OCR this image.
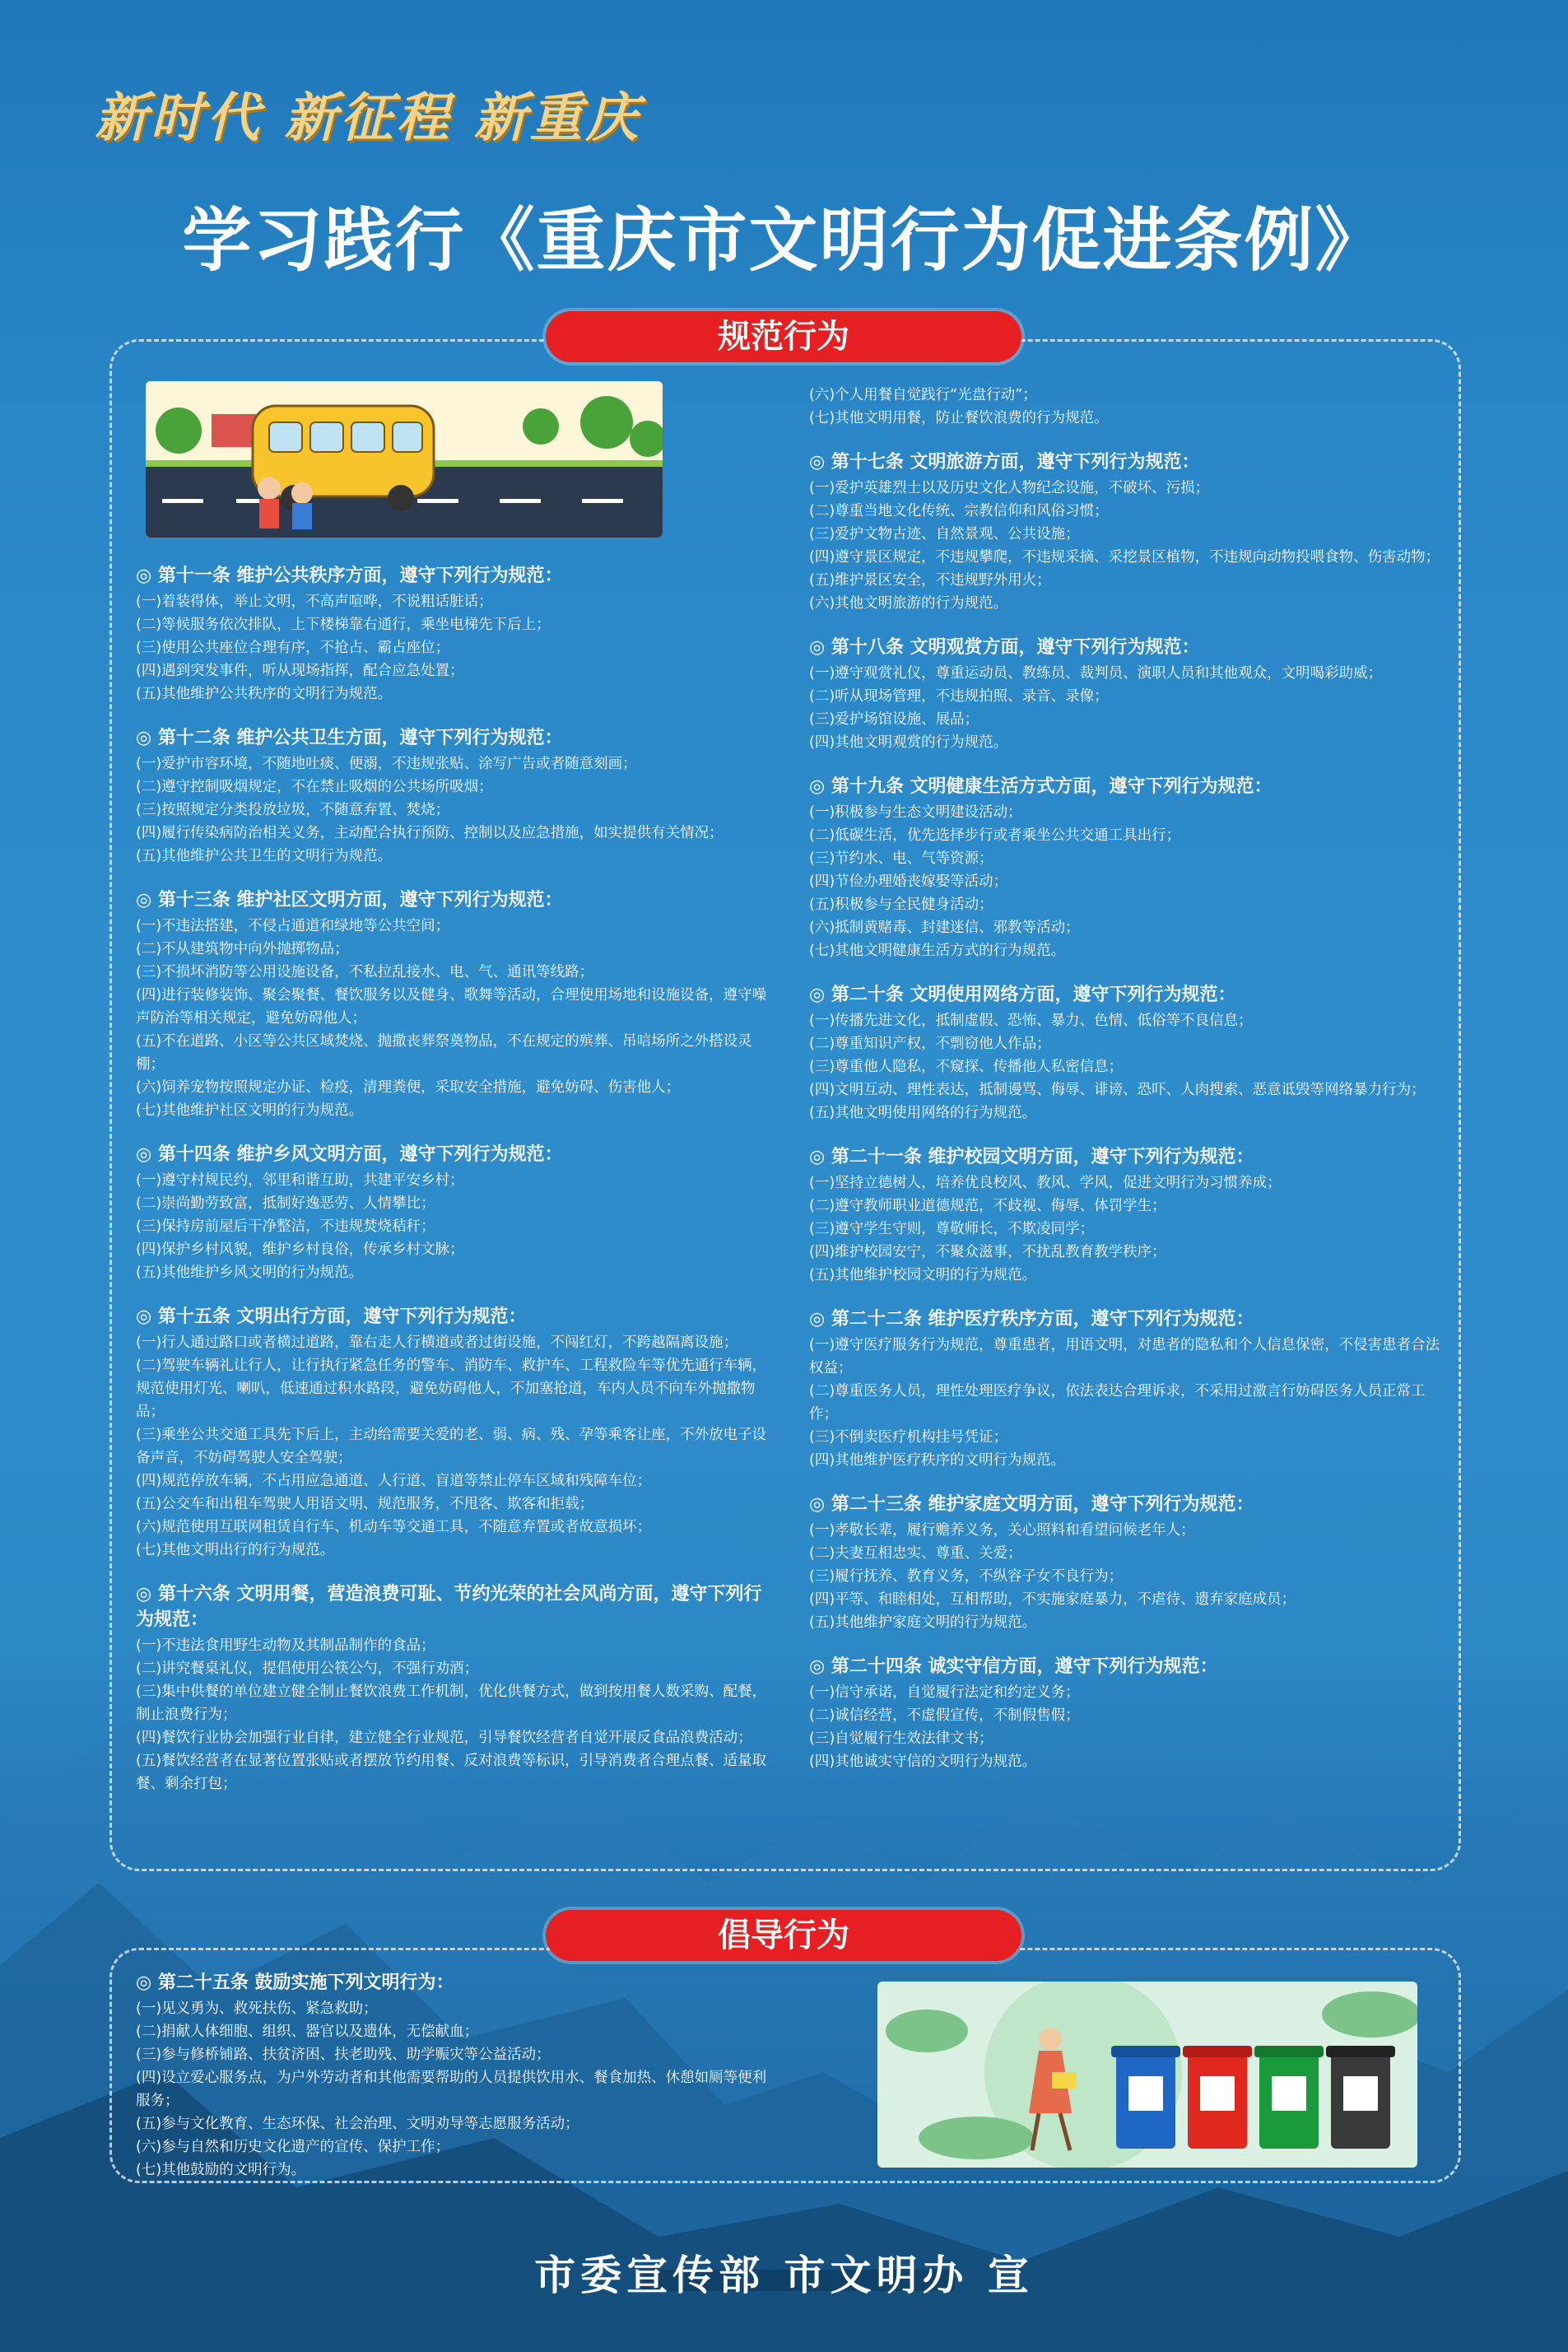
新时代 新征程 新重庆
学习践行《重庆市文明行为促进条例》
规范行为
◎ 第十一条 维护公共秩序方面，遵守下列行为规范：
(一)着装得体，举止文明，不高声喧哗，不说粗话脏话；
(二)等候服务依次排队，上下楼梯靠右通行，乘坐电梯先下后上；
(三)使用公共座位合理有序，不抢占、霸占座位；
(四)遇到突发事件，听从现场指挥，配合应急处置；
(五)其他维护公共秩序的文明行为规范。
◎ 第十二条 维护公共卫生方面，遵守下列行为规范：
(一)爱护市容环境，不随地吐痰、便溺，不违规张贴、涂写广告或者随意刻画；
(二)遵守控制吸烟规定，不在禁止吸烟的公共场所吸烟；
(三)按照规定分类投放垃圾，不随意弃置、焚烧；
(四)履行传染病防治相关义务，主动配合执行预防、控制以及应急措施，如实提供有关情况；
(五)其他维护公共卫生的文明行为规范。
◎ 第十三条 维护社区文明方面，遵守下列行为规范：
(一)不违法搭建，不侵占通道和绿地等公共空间；
(二)不从建筑物中向外抛掷物品；
(三)不损坏消防等公用设施设备，不私拉乱接水、电、气、通讯等线路；
(四)进行装修装饰、聚会聚餐、餐饮服务以及健身、歌舞等活动，合理使用场地和设施设备，遵守噪声防治等相关规定，避免妨碍他人；
(五)不在道路、小区等公共区域焚烧、抛撒丧葬祭奠物品，不在规定的殡葬、吊唁场所之外搭设灵棚；
(六)饲养宠物按照规定办证、检疫，清理粪便，采取安全措施，避免妨碍、伤害他人；
(七)其他维护社区文明的行为规范。
◎ 第十四条 维护乡风文明方面，遵守下列行为规范：
(一)遵守村规民约，邻里和谐互助，共建平安乡村；
(二)崇尚勤劳致富，抵制好逸恶劳、人情攀比；
(三)保持房前屋后干净整洁，不违规焚烧秸秆；
(四)保护乡村风貌，维护乡村良俗，传承乡村文脉；
(五)其他维护乡风文明的行为规范。
◎ 第十五条 文明出行方面，遵守下列行为规范：
(一)行人通过路口或者横过道路，靠右走人行横道或者过街设施，不闯红灯，不跨越隔离设施；
(二)驾驶车辆礼让行人，让行执行紧急任务的警车、消防车、救护车、工程救险车等优先通行车辆，规范使用灯光、喇叭，低速通过积水路段，避免妨碍他人，不加塞抢道，车内人员不向车外抛撒物品；
(三)乘坐公共交通工具先下后上，主动给需要关爱的老、弱、病、残、孕等乘客让座，不外放电子设备声音，不妨碍驾驶人安全驾驶；
(四)规范停放车辆，不占用应急通道、人行道、盲道等禁止停车区域和残障车位；
(五)公交车和出租车驾驶人用语文明、规范服务，不甩客、欺客和拒载；
(六)规范使用互联网租赁自行车、机动车等交通工具，不随意弃置或者故意损坏；
(七)其他文明出行的行为规范。
◎ 第十六条 文明用餐，营造浪费可耻、节约光荣的社会风尚方面，遵守下列行为规范：
(一)不违法食用野生动物及其制品制作的食品；
(二)讲究餐桌礼仪，提倡使用公筷公勺，不强行劝酒；
(三)集中供餐的单位建立健全制止餐饮浪费工作机制，优化供餐方式，做到按用餐人数采购、配餐，制止浪费行为；
(四)餐饮行业协会加强行业自律，建立健全行业规范，引导餐饮经营者自觉开展反食品浪费活动；
(五)餐饮经营者在显著位置张贴或者摆放节约用餐、反对浪费等标识，引导消费者合理点餐、适量取餐、剩余打包；
(六)个人用餐自觉践行“光盘行动”；
(七)其他文明用餐，防止餐饮浪费的行为规范。
◎ 第十七条 文明旅游方面，遵守下列行为规范：
(一)爱护英雄烈士以及历史文化人物纪念设施，不破坏、污损；
(二)尊重当地文化传统、宗教信仰和风俗习惯；
(三)爱护文物古迹、自然景观、公共设施；
(四)遵守景区规定，不违规攀爬，不违规采摘、采挖景区植物，不违规向动物投喂食物、伤害动物；
(五)维护景区安全，不违规野外用火；
(六)其他文明旅游的行为规范。
◎ 第十八条 文明观赏方面，遵守下列行为规范：
(一)遵守观赏礼仪，尊重运动员、教练员、裁判员、演职人员和其他观众，文明喝彩助威；
(二)听从现场管理，不违规拍照、录音、录像；
(三)爱护场馆设施、展品；
(四)其他文明观赏的行为规范。
◎ 第十九条 文明健康生活方式方面，遵守下列行为规范：
(一)积极参与生态文明建设活动；
(二)低碳生活，优先选择步行或者乘坐公共交通工具出行；
(三)节约水、电、气等资源；
(四)节俭办理婚丧嫁娶等活动；
(五)积极参与全民健身活动；
(六)抵制黄赌毒、封建迷信、邪教等活动；
(七)其他文明健康生活方式的行为规范。
◎ 第二十条 文明使用网络方面，遵守下列行为规范：
(一)传播先进文化，抵制虚假、恐怖、暴力、色情、低俗等不良信息；
(二)尊重知识产权，不剽窃他人作品；
(三)尊重他人隐私，不窥探、传播他人私密信息；
(四)文明互动、理性表达，抵制谩骂、侮辱、诽谤、恐吓、人肉搜索、恶意诋毁等网络暴力行为；
(五)其他文明使用网络的行为规范。
◎ 第二十一条 维护校园文明方面，遵守下列行为规范：
(一)坚持立德树人，培养优良校风、教风、学风，促进文明行为习惯养成；
(二)遵守教师职业道德规范，不歧视、侮辱、体罚学生；
(三)遵守学生守则，尊敬师长，不欺凌同学；
(四)维护校园安宁，不聚众滋事，不扰乱教育教学秩序；
(五)其他维护校园文明的行为规范。
◎ 第二十二条 维护医疗秩序方面，遵守下列行为规范：
(一)遵守医疗服务行为规范，尊重患者，用语文明，对患者的隐私和个人信息保密，不侵害患者合法权益；
(二)尊重医务人员，理性处理医疗争议，依法表达合理诉求，不采用过激言行妨碍医务人员正常工作；
(三)不倒卖医疗机构挂号凭证；
(四)其他维护医疗秩序的文明行为规范。
◎ 第二十三条 维护家庭文明方面，遵守下列行为规范：
(一)孝敬长辈，履行赡养义务，关心照料和看望问候老年人；
(二)夫妻互相忠实、尊重、关爱；
(三)履行抚养、教育义务，不纵容子女不良行为；
(四)平等、和睦相处，互相帮助，不实施家庭暴力，不虐待、遗弃家庭成员；
(五)其他维护家庭文明的行为规范。
◎ 第二十四条 诚实守信方面，遵守下列行为规范：
(一)信守承诺，自觉履行法定和约定义务；
(二)诚信经营，不虚假宣传，不制假售假；
(三)自觉履行生效法律文书；
(四)其他诚实守信的文明行为规范。
倡导行为
◎ 第二十五条 鼓励实施下列文明行为：
(一)见义勇为、救死扶伤、紧急救助；
(二)捐献人体细胞、组织、器官以及遗体，无偿献血；
(三)参与修桥铺路、扶贫济困、扶老助残、助学赈灾等公益活动；
(四)设立爱心服务点，为户外劳动者和其他需要帮助的人员提供饮用水、餐食加热、休憩如厕等便利服务；
(五)参与文化教育、生态环保、社会治理、文明劝导等志愿服务活动；
(六)参与自然和历史文化遗产的宣传、保护工作；
(七)其他鼓励的文明行为。
市委宣传部 市文明办 宣
